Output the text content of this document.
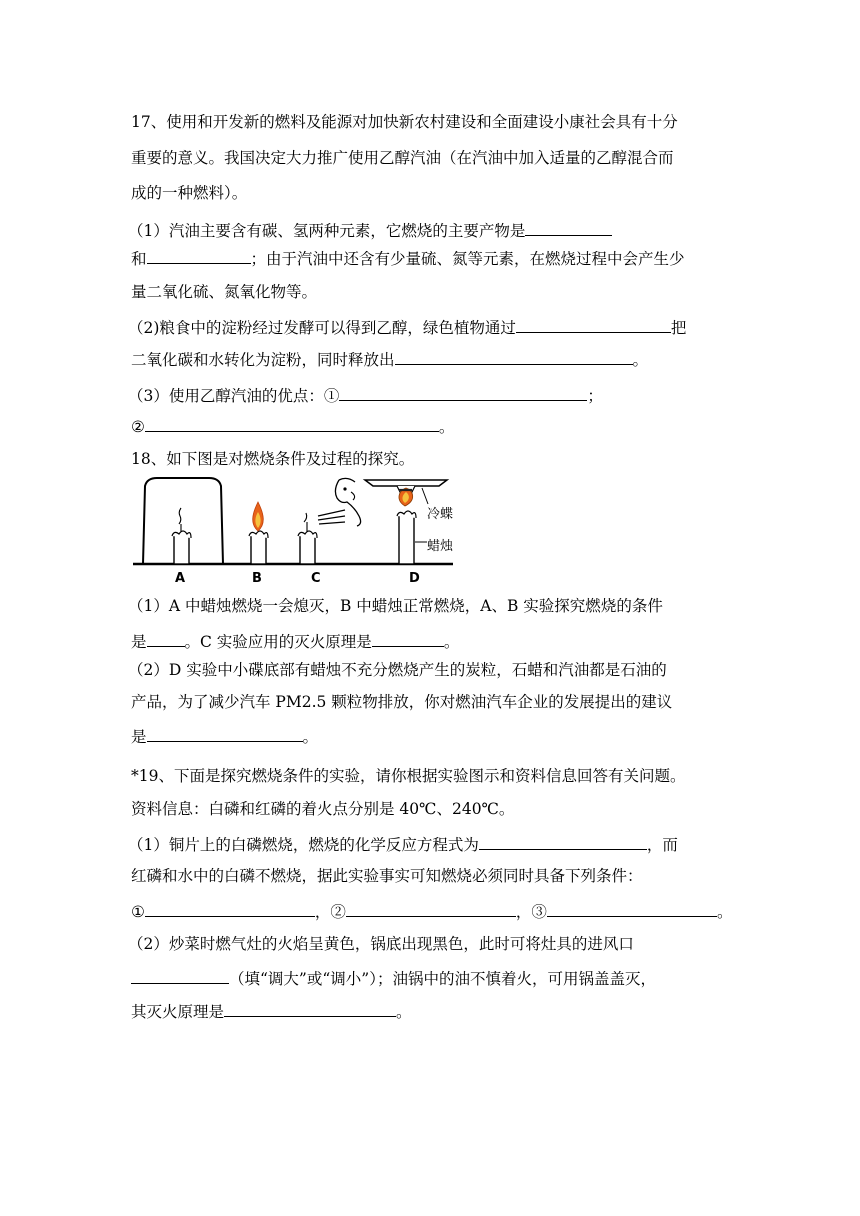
17、使用和开发新的燃料及能源对加快新农村建设和全面建设小康社会具有十分
重要的意义。我国决定大力推广使用乙醇汽油（在汽油中加入适量的乙醇混合而
成的一种燃料）。
（1）汽油主要含有碳、氢两种元素，它燃烧的主要产物是
和	；由于汽油中还含有少量硫、氮等元素，在燃烧过程中会产生少
量二氧化硫、氮氧化物等。
（2)粮食中的淀粉经过发酵可以得到乙醇，绿色植物通过	把
二氧化碳和水转化为淀粉，同时释放出	。
（3）使用乙醇汽油的优点：①	；
②	。
18、如下图是对燃烧条件及过程的探究。
A	B	C	D
冷蝶
蜡烛
（1）A 中蜡烛燃烧一会熄灭，B 中蜡烛正常燃烧，A、B 实验探究燃烧的条件
是 。C 实验应用的灭火原理是	。
（2）D 实验中小碟底部有蜡烛不充分燃烧产生的炭粒，石蜡和汽油都是石油的
产品，为了减少汽车 PM2.5 颗粒物排放，你对燃油汽车企业的发展提出的建议
是	。
*19、下面是探究燃烧条件的实验，请你根据实验图示和资料信息回答有关问题。
资料信息：白磷和红磷的着火点分别是 40℃、240℃。
（1）铜片上的白磷燃烧，燃烧的化学反应方程式为	，而
红磷和水中的白磷不燃烧，据此实验事实可知燃烧必须同时具备下列条件：
①	，②	，③	。
（2）炒菜时燃气灶的火焰呈黄色，锅底出现黑色，此时可将灶具的进风口
（填“调大”或“调小”）；油锅中的油不慎着火，可用锅盖盖灭，
其灭火原理是	。
